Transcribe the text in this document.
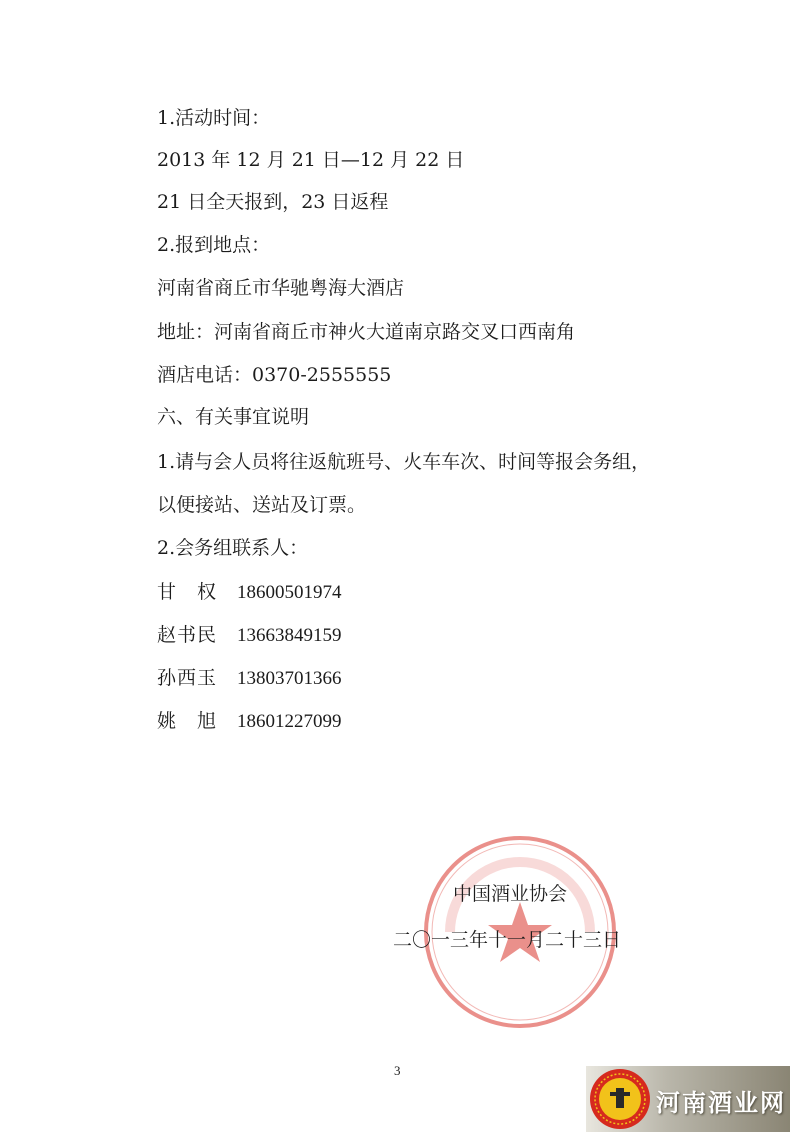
1.活动时间：
2013 年 12 月 21 日—12 月 22 日
21 日全天报到，23 日返程
2.报到地点：
河南省商丘市华驰粤海大酒店
地址：河南省商丘市神火大道南京路交叉口西南角
酒店电话：0370-2555555
六、有关事宜说明
1.请与会人员将往返航班号、火车车次、时间等报会务组，
以便接站、送站及订票。
2.会务组联系人：
甘　权 18600501974
赵书民 13663849159
孙西玉 13803701366
姚　旭 18601227099
中国酒业协会
二〇一三年十一月二十三日
3
河南酒业网
